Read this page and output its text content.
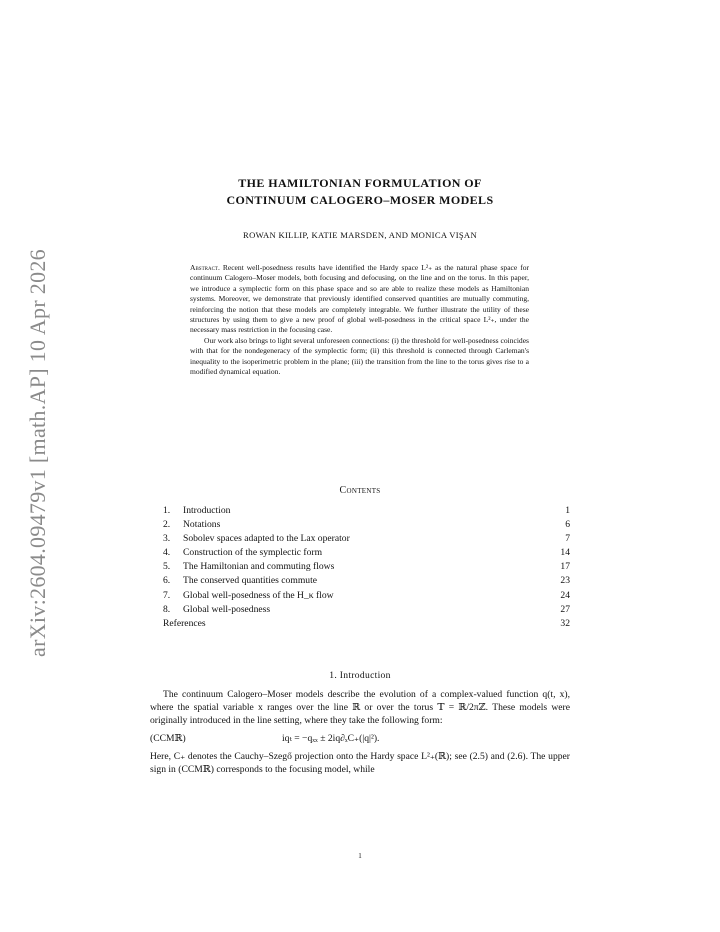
arXiv:2604.09479v1 [math.AP] 10 Apr 2026
THE HAMILTONIAN FORMULATION OF
CONTINUUM CALOGERO–MOSER MODELS
ROWAN KILLIP, KATIE MARSDEN, AND MONICA VIŞAN

Abstract. Recent well-posedness results have identified the Hardy space L²₊ as the natural phase space for continuum Calogero–Moser models, both focusing and defocusing, on the line and on the torus. In this paper, we introduce a symplectic form on this phase space and so are able to realize these models as Hamiltonian systems. Moreover, we demonstrate that previously identified conserved quantities are mutually commuting, reinforcing the notion that these models are completely integrable. We further illustrate the utility of these structures by using them to give a new proof of global well-posedness in the critical space L²₊, under the necessary mass restriction in the focusing case.

Our work also brings to light several unforeseen connections: (i) the threshold for well-posedness coincides with that for the nondegeneracy of the symplectic form; (ii) this threshold is connected through Carleman's inequality to the isoperimetric problem in the plane; (iii) the transition from the line to the torus gives rise to a modified dynamical equation.

Contents
1. Introduction	1
2. Notations	6
3. Sobolev spaces adapted to the Lax operator	7
4. Construction of the symplectic form	14
5. The Hamiltonian and commuting flows	17
6. The conserved quantities commute	23
7. Global well-posedness of the H_κ flow	24
8. Global well-posedness	27
References	32
1. Introduction

The continuum Calogero–Moser models describe the evolution of a complex-valued function q(t, x), where the spatial variable x ranges over the line ℝ or over the torus 𝕋 = ℝ/2πℤ. These models were originally introduced in the line setting, where they take the following form:

(CCMℝ)	iqₜ = −qₓₓ ± 2iq∂ₓC₊(|q|²).

Here, C₊ denotes the Cauchy–Szegő projection onto the Hardy space L²₊(ℝ); see (2.5) and (2.6). The upper sign in (CCMℝ) corresponds to the focusing model, while

1
